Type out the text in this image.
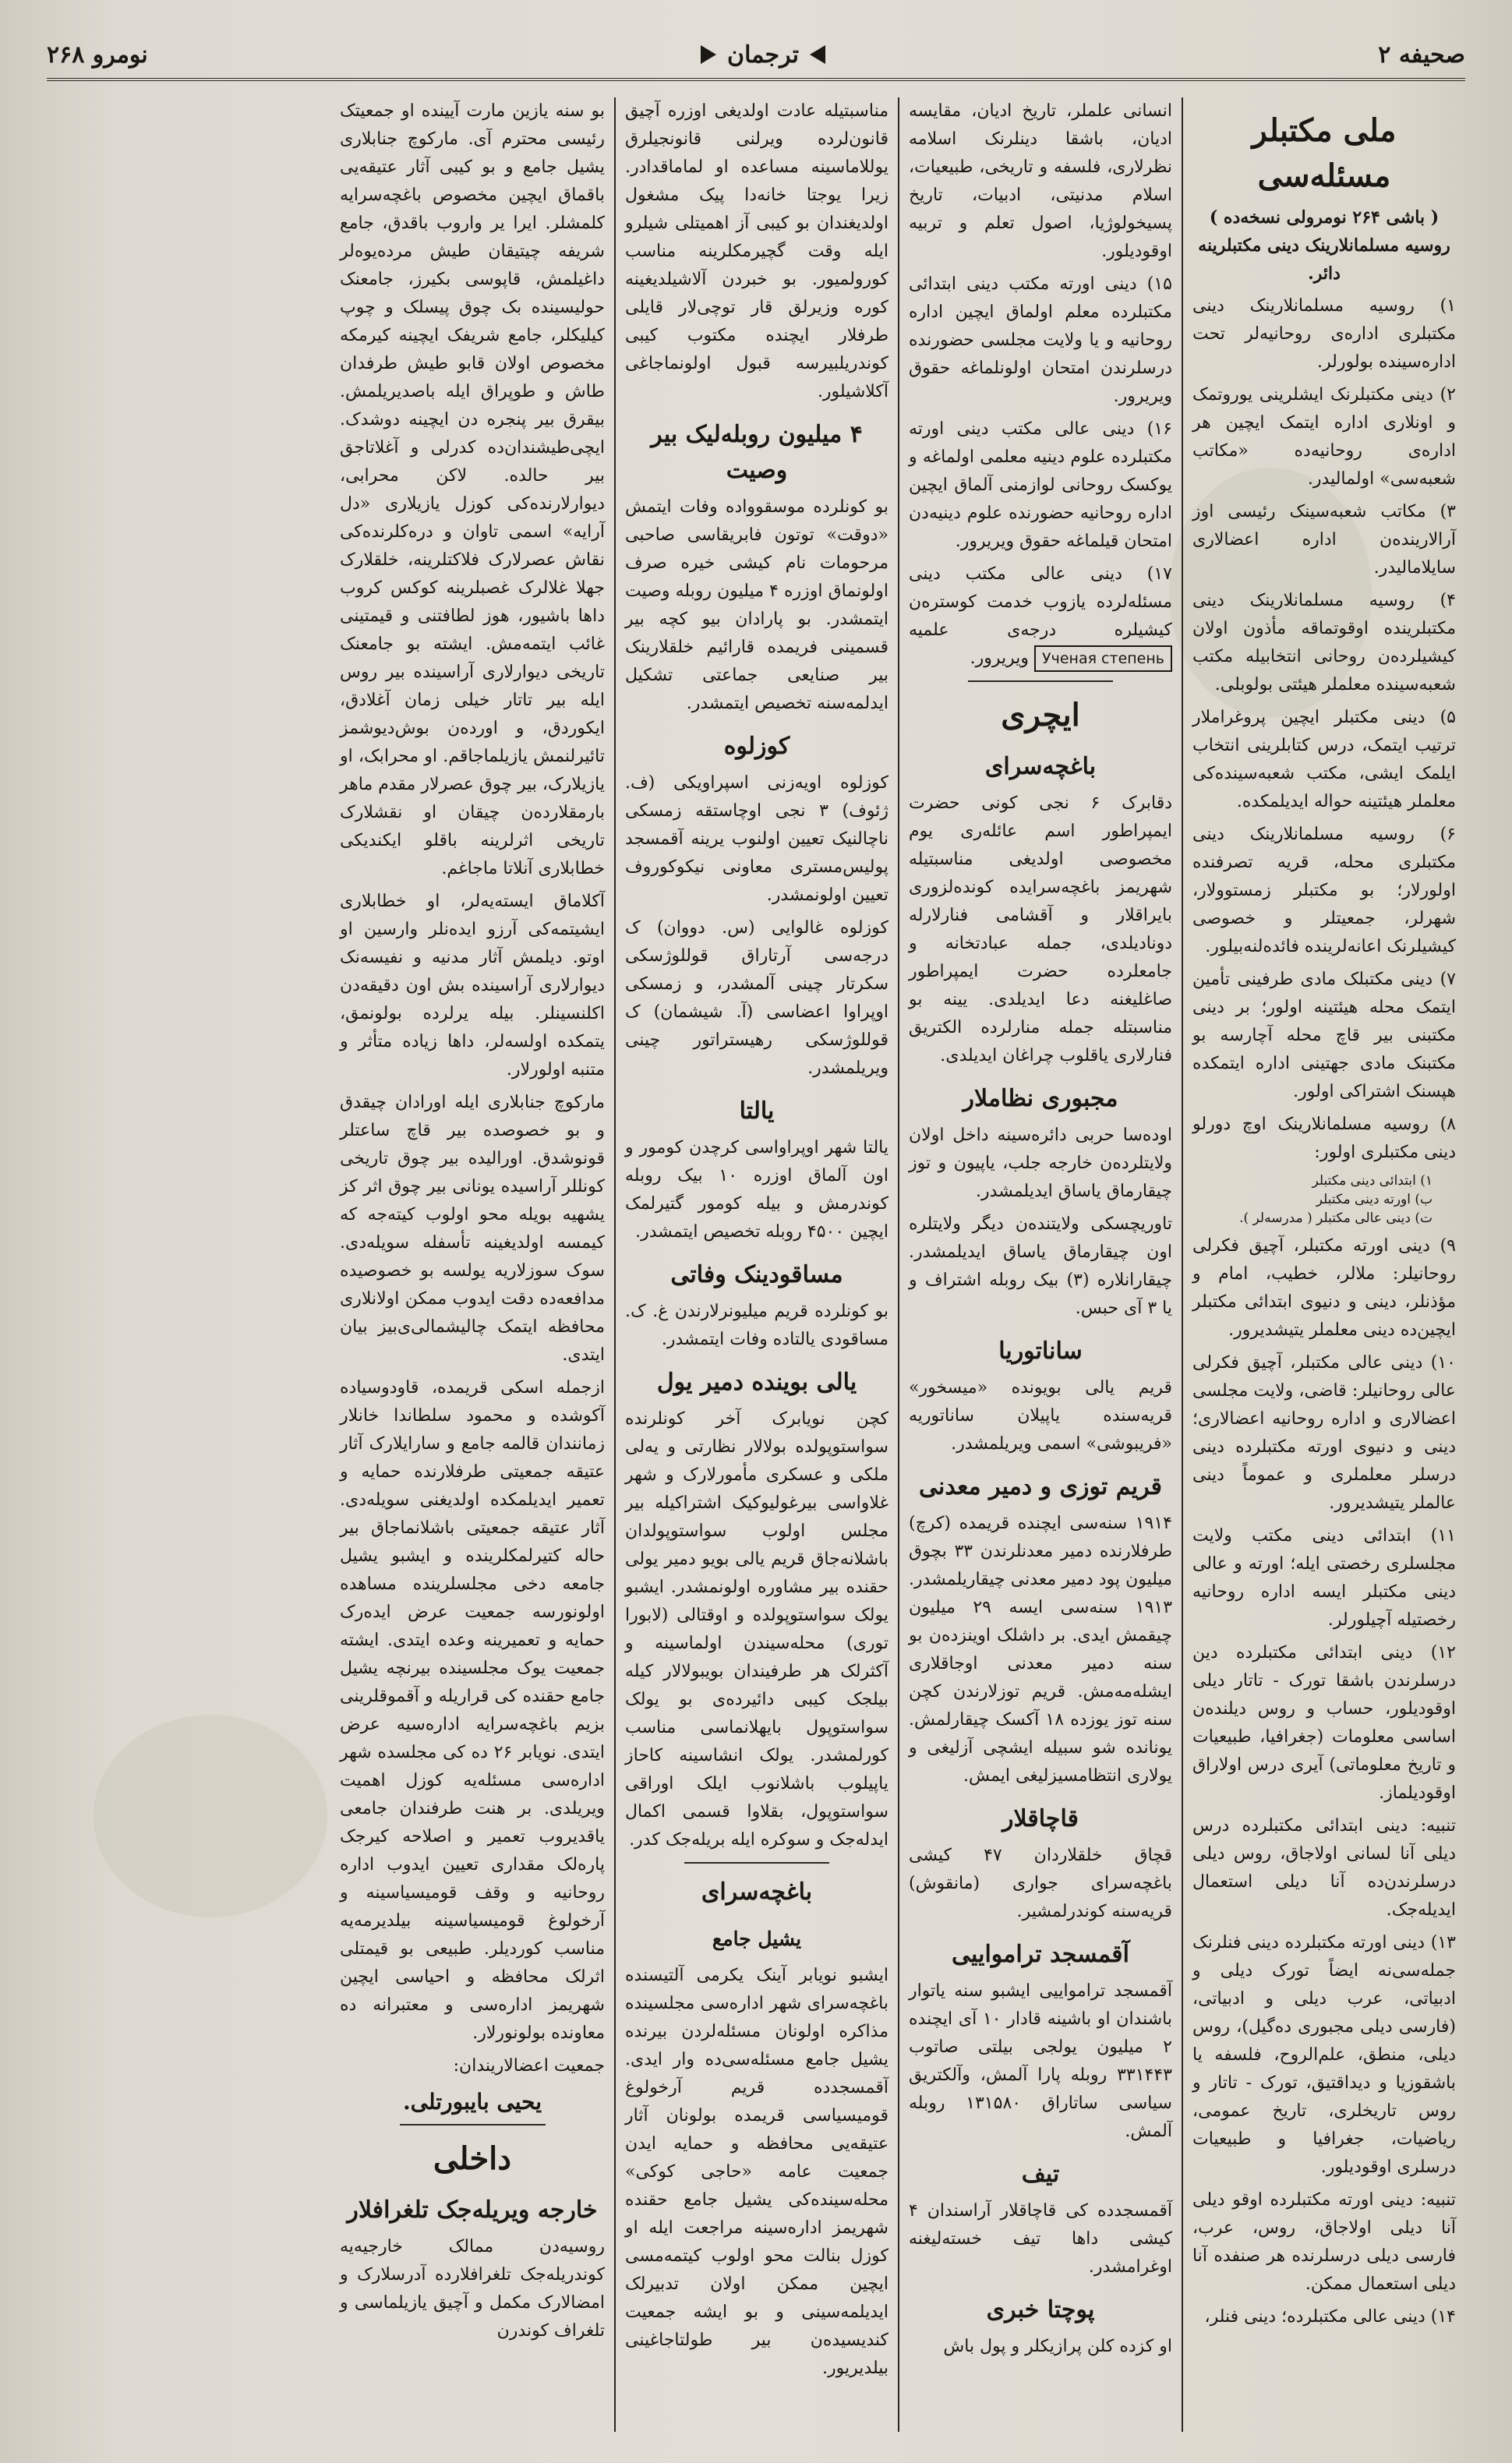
صحیفه ۲
ترجمان
نومرو ۲۶۸
ملی مکتبلر مسئله‌سی

( باشی ۲۶۴ نومرولی نسخه‌ده ) روسیه مسلمانلارینک دینی مکتبلرینه دائر.

۱) روسیه مسلمانلارینک دینی مکتبلری اداره‌ی روحانیه‌لر تحت اداره‌سینده بولورلر.

۲) دینی مکتبلرنک ایشلرینی یوروتمک و اونلاری اداره ایتمک ایچین هر اداره‌ی روحانیه‌ده «مکاتب شعبه‌سی» اولمالیدر.

۳) مکاتب شعبه‌سینک رئیسی اوز آرالارینده‌ن اداره اعضالاری سایلامالیدر.

۴) روسیه مسلمانلارینک دینی مکتبلرینده اوقوتماقه مأذون اولان کیشیلرده‌ن روحانی انتخابیله مکتب شعبه‌سینده معلملر هیئتی بولوبلی.

۵) دینی مکتبلر ایچین پروغراملار ترتیب ایتمک، درس کتابلرینی انتخاب ایلمک ایشی، مکتب شعبه‌سینده‌کی معلملر هیئتینه حواله ایدیلمکده.

۶) روسیه مسلمانلارینک دینی مکتبلری محله، قریه تصرفنده اولورلار؛ بو مکتبلر زمستوولار، شهرلر، جمعیتلر و خصوصی کیشیلرنک اعانه‌لرینده فائده‌لنه‌بیلور.

۷) دینی مکتبلک مادی طرفینی تأمین ایتمک محله هیئتینه اولور؛ بر دینی مکتبنی بیر قاچ محله آچارسه بو مکتبنک مادی جهتینی اداره ایتمکده هپسنک اشتراکی اولور.

۸) روسیه مسلمانلارینک اوچ دورلو دینی مکتبلری اولور:

۱) ابتدائی دینی مکتبلر

ب) اورته دینی مکتبلر

ت) دینی عالی مکتبلر ( مدرسه‌لر ).

۹) دینی اورته مکتبلر، آچیق فکرلی روحانیلر: ملالر، خطیب، امام و مؤذنلر، دینی و دنیوی ابتدائی مکتبلر ایچین‌ده دینی معلملر یتیشدیرور.

۱۰) دینی عالی مکتبلر، آچیق فکرلی عالی روحانیلر: قاضی، ولایت مجلسی اعضالاری و اداره روحانیه اعضالاری؛ دینی و دنیوی اورته مکتبلرده دینی درسلر معلملری و عموماً دینی عالملر یتیشدیرور.

۱۱) ابتدائی دینی مکتب ولایت مجلسلری رخصتی ایله؛ اورته و عالی دینی مکتبلر ایسه اداره روحانیه رخصتیله آچیلورلر.

۱۲) دینی ابتدائی مکتبلرده دین درسلرندن باشقا تورک - تاتار دیلی اوقودیلور، حساب و روس دیلنده‌ن اساسی معلومات (جغرافیا، طبیعیات و تاریخ معلوماتی) آیری درس اولاراق اوقودیلماز.

تنبیه: دینی ابتدائی مکتبلرده درس دیلی آنا لسانی اولاجاق، روس دیلی درسلرندن‌ده آنا دیلی استعمال ایدیله‌جک.

۱۳) دینی اورته مکتبلرده دینی فنلرنک جمله‌سی‌نه ایضاً تورک دیلی و ادبیاتی، عرب دیلی و ادبیاتی، (فارسی دیلی مجبوری ده‌گیل)، روس دیلی، منطق، علم‌الروح، فلسفه یا باشقوزیا و دیداقتیق، تورک - تاتار و روس تاریخلری، تاریخ عمومی، ریاضیات، جغرافیا و طبیعیات درسلری اوقودیلور.

تنبیه: دینی اورته مکتبلرده اوقو دیلی آنا دیلی اولاجاق، روس، عرب، فارسی دیلی درسلرنده هر صنفده آنا دیلی استعمال ممکن.

۱۴) دینی عالی مکتبلرده؛ دینی فنلر،

انسانی علملر، تاریخ ادیان، مقایسه ادیان، باشقا دینلرنک اسلامه نظرلاری، فلسفه و تاریخی، طبیعیات، اسلام مدنیتی، ادبیات، تاریخ پسیخولوژیا، اصول تعلم و تربیه اوقودیلور.

۱۵) دینی اورته مکتب دینی ابتدائی مکتبلرده معلم اولماق ایچین اداره روحانیه و یا ولایت مجلسی حضورنده درسلرندن امتحان اولونلماغه حقوق ویریرور.

۱۶) دینی عالی مکتب دینی اورته مکتبلرده علوم دینیه معلمی اولماغه و یوکسک روحانی لوازمنی آلماق ایچین اداره روحانیه حضورنده علوم دینیه‌دن امتحان قیلماغه حقوق ویریرور.

۱۷) دینی عالی مکتب دینی مسئله‌لرده یازوب خدمت کوستره‌ن کیشیلره درجه‌ی علمیه Ученая степень ویریرور.

ایچری
باغچه‌سرای

دقابرک ۶ نجی کونی حضرت ایمپراطور اسم عائله‌ری یوم مخصوصی اولدیغی مناسبتیله شهریمز باغچه‌سرایده کونده‌لزوری بایراقلار و آقشامی فنارلارله دونادیلدی، جمله عبادتخانه و جامعلرده حضرت ایمپراطور صاغلیغنه دعا ایدیلدی. یینه بو مناسبتله جمله منارلرده الکتریق فنارلاری یاقلوب چراغان ایدیلدی.

مجبوری نظاملار

اوده‌سا حربی دائره‌سینه داخل اولان ولایتلرده‌ن خارجه جلب، یاپیون و توز چیقارماق یاساق ایدیلمشدر.

تاوریچسکی ولایتنده‌ن دیگر ولایتلره اون چیقارماق یاساق ایدیلمشدر. چیقارانلاره (۳) بیک روبله اشتراف و یا ۳ آی حبس.

ساناتوریا

قریم یالی بویونده «میسخور» قریه‌سنده یاپیلان ساناتوریه «فریبوشی» اسمی ویریلمشدر.

قریم توزی و دمیر معدنی

۱۹۱۴ سنه‌سی ایچنده قریمده (کرچ) طرفلارنده دمیر معدنلرندن ۳۳ بچوق میلیون پود دمیر معدنی چیقاریلمشدر. ۱۹۱۳ سنه‌سی ایسه ۲۹ میلیون چیقمش ایدی. بر داشلک اوینزده‌ن بو سنه دمیر معدنی اوجاقلاری ایشله‌مه‌مش. قریم توزلارندن کچن سنه توز یوزده ۱۸ آکسک چیقارلمش. یونانده شو سبیله ایشچی آزلیغی و یولاری انتظامسیزلیغی ایمش.

قاچاقلار

قچاق خلقلاردان ۴۷ کیشی باغچه‌سرای جواری (مانقوش) قریه‌سنه کوندرلمشیر.

آقمسجد ترامواییی

آقمسجد ترامواییی ایشبو سنه یاتوار باشندان او باشینه قادار ۱۰ آی ایچنده ۲ میلیون یولجی بیلتی صاتوب ۳۳۱۴۴۳ روبله پارا آلمش، وآلکتریق سیاسی ساتاراق ۱۳۱۵۸۰ روبله آلمش.

تیف

آقمسجدده کی قاچاقلار آراسندان ۴ کیشی داها تیف خسته‌لیغنه اوغرامشدر.

پوچتا خبری

او کزده کلن پرازیکلر و پول باش

مناسبتیله عادت اولدیغی اوزره آچیق قانون‌لرده ویرلنی قانونجیلرق یوللاماسینه مساعده او لماماقدادر. زیرا یوجتا خانه‌دا پیک مشغول اولدیغندان بو کیبی آز اهمیتلی شیلرو ایله وقت گچیرمکلرینه مناسب کورولمیور. بو خبردن آلاشیلدیغینه کوره وزیرلق قار توچی‌لار قایلی طرفلار ایچنده مکتوب کیبی کوندریلبیرسه قبول اولونماجاغی آکلاشیلور.

۴ میلیون روبله‌لیک بیر وصیت

بو کونلرده موسقوواده وفات ایتمش «دوقت» توتون فابریقاسی صاحبی مرحومات نام کیشی خیره صرف اولونماق اوزره ۴ میلیون روبله وصیت ایتمشدر. بو پارادان بیو کچه بیر قسمینی فریمده قارائیم خلقلارینک بیر صنایعی جماعتی تشکیل ایدلمه‌سنه تخصیص ایتمشدر.

کوزلوه

کوزلوه اویه‌زنی اسپراویکی (ف. ژئوف) ۳ نجی اوچاستقه زمسکی ناچالنیک تعیین اولنوب یرینه آقمسجد پولیس‌مستری معاونی نیکوکوروف تعیین اولونمشدر.

کوزلوه غالوایی (س. دووان) ک درجه‌سی آرتاراق قوللوژسکی سکرتار چینی آلمشدر، و زمسکی اوپراوا اعضاسی (آ. شیشمان) ک قوللوژسکی رهیستراتور چینی ویریلمشدر.

یالتا

یالتا شهر اوپراواسی کرچدن کومور و اون آلماق اوزره ۱۰ بیک روبله کوندرمش و بیله کومور گتیرلمک ایچین ۴۵۰۰ روبله تخصیص ایتمشدر.

مساقودینک وفاتی

بو کونلرده قریم میلیونرلارندن غ. ک. مساقودی یالتاده وفات ایتمشدر.

یالی بوینده دمیر یول

کچن نویابرک آخر کونلرنده سواستوپولده بولالار نظارتی و یه‌لی ملکی و عسکری مأمورلارک و شهر غلاواسی بیرغولیوکیک اشتراکیله بیر مجلس اولوب سواستوپولدان باشلانه‌جاق قریم یالی بویو دمیر یولی حقنده بیر مشاوره اولونمشدر. ایشبو یولک سواستوپولده و اوقتالی (لابورا توری) محله‌سیندن اولماسینه و آکثرلک هر طرفیندان بویبولالار کیله بیلجک کیبی دائیرده‌ی بو یولک سواستوپول بایهلانماسی مناسب کورلمشدر. یولک انشاسینه کاحاز یاپیلوب باشلانوب ایلک اوراقی سواستوپول، بقلاوا قسمی اکمال ایدله‌جک و سوکره ایله بریله‌جک کدر.

باغچه‌سرای
یشیل جامع

ایشبو نویابر آینک یکرمی آلتیسنده باغچه‌سرای شهر اداره‌سی مجلسینده مذاکره اولونان مسئله‌لردن بیرنده یشیل جامع مسئله‌سی‌ده وار ایدی. آقمسجدده قریم آرخولوغ قومیسیاسی قریمده بولونان آثار عتیقه‌یی محافظه و حمایه ایدن جمعیت عامه «حاجی کوکی» محله‌سینده‌کی یشیل جامع حقنده شهریمز اداره‌سینه مراجعت ایله او کوزل بنالت محو اولوب کیتمه‌مسی ایچین ممکن اولان تدبیرلک ایدیلمه‌سینی و بو ایشه جمعیت کندیسیده‌ن بیر طولتاجاغینی بیلدیریور.

بو سنه یازین مارت آیینده او جمعیتک رئیسی محترم آی. مارکوچ جنابلاری یشیل جامع و بو کیبی آثار عتیقه‌یی باقماق ایچین مخصوص باغچه‌سرایه کلمشلر. ایرا یر واروب باقدق، جامع شریفه چیتیقان طیش مرده‌یوه‌لر داغیلمش، قاپوسی بکیرز، جامعنک حولیسینده بک چوق پیسلک و چوپ کیلیکلر، جامع شریفک ایچینه کیرمکه مخصوص اولان قابو طیش طرفدان طاش و طوپراق ایله باصدیریلمش. بیقرق بیر پنجره دن ایچینه دوشدک. ایچی‌طیشندان‌ده کدرلی و آغلاتاجق بیر حالده. لاکن محرابی، دیوارلارنده‌کی کوزل یازیلاری «دل آرایه» اسمی تاوان و دره‌کلرنده‌کی نقاش عصرلارک فلاکتلرینه، خلقلارک جهلا غلالرک غصبلرینه کوکس کروب داها باشیور، هوز لطافتنی و قیمتینی غائب ایتمه‌مش. ایشته بو جامعنک تاریخی دیوارلاری آراسینده بیر روس ایله بیر تاتار خیلی زمان آغلادق، ایکوردق، و اورده‌ن بوش‌دیوشمز تائیرلنمش یازیلماجاقم. او محرابک، او یازیلارک، بیر چوق عصرلار مقدم ماهر بارمقلارده‌ن چیقان او نقشلارک تاریخی اثرلرینه باقلو ایکندیکی خطابلاری آنلاتا ماجاغم.

آکلاماق ایسته‌یه‌لر، او خطابلاری ایشیتمه‌کی آرزو ایده‌نلر وارسین او اوتو. دیلمش آثار مدنیه و نفیسه‌نک دیوارلاری آراسینده بش اون دقیقه‌دن اکلنسینلر. بیله یرلرده بولونمق، یتمکده اولسه‌لر، داها زیاده متأثر و متنبه اولورلار.

مارکوچ جنابلاری ایله اورادان چیقدق و بو خصوصده بیر قاچ ساعتلر قونوشدق. اورالیده بیر چوق تاریخی کونللر آرا‌سیده یونانی بیر چوق اثر کز یشهیه بویله محو اولوب کیته‌جه که کیمسه اولدیغینه تأسفله سویله‌دی. سوک سوزلاریه یولسه بو خصوصیده مدافعه‌ده دقت ایدوب ممکن اولانلاری محافظه ایتمک چالیشمالی‌ی‌بیز بیان ایتدی.

ازجمله اسکی قریمده، قاودوسیاده آکوشده و محمود سلطاندا خانلار زمانندان قالمه جامع و سارایلارک آثار عتیقه جمعیتی طرفلارنده حمایه و تعمیر ایدیلمکده اولدیغنی سویله‌دی. آثار عتیقه جمعیتی باشلانماجاق بیر حاله کتیرلمکلرینده و ایشبو یشیل جامعه دخی مجلسلرینده مساهده اولونورسه جمعیت عرض ایده‌رک حمایه و تعمیرینه وعده ایتدی. ایشته جمعیت یوک مجلسینده بیرنچه یشیل جامع حقنده کی قراریله و آقموقلرینی بزیم باغچه‌سرایه اداره‌سیه عرض ایتدی. نویابر ۲۶ ده کی مجلسده شهر اداره‌سی مسئله‌یه کوزل اهمیت ویریلدی. بر هنت طرفندان جامعی یاقدیروب تعمیر و اصلاحه کیرجک پاره‌لک مقداری تعیین ایدوب اداره روحانیه و وقف قومیسیاسینه و آرخولوغ قومیسیاسینه بیلدیرمه‌یه مناسب کوردیلر. طبیعی بو قیمتلی اثرلک محافظه و احیاسی ایچین شهریمز اداره‌سی و معتبرانه ده معاونده بولونورلار.

جمعیت اعضالاریندان:

یحیی بایبورتلی.
داخلی
خارجه ویریله‌جک تلغرافلار

روسیه‌دن ممالک خارجیه‌یه کوندریله‌جک تلغرافلارده آدرسلارک و امضالارک مکمل و آچیق یازیلماسی و تلغراف کوندرن
